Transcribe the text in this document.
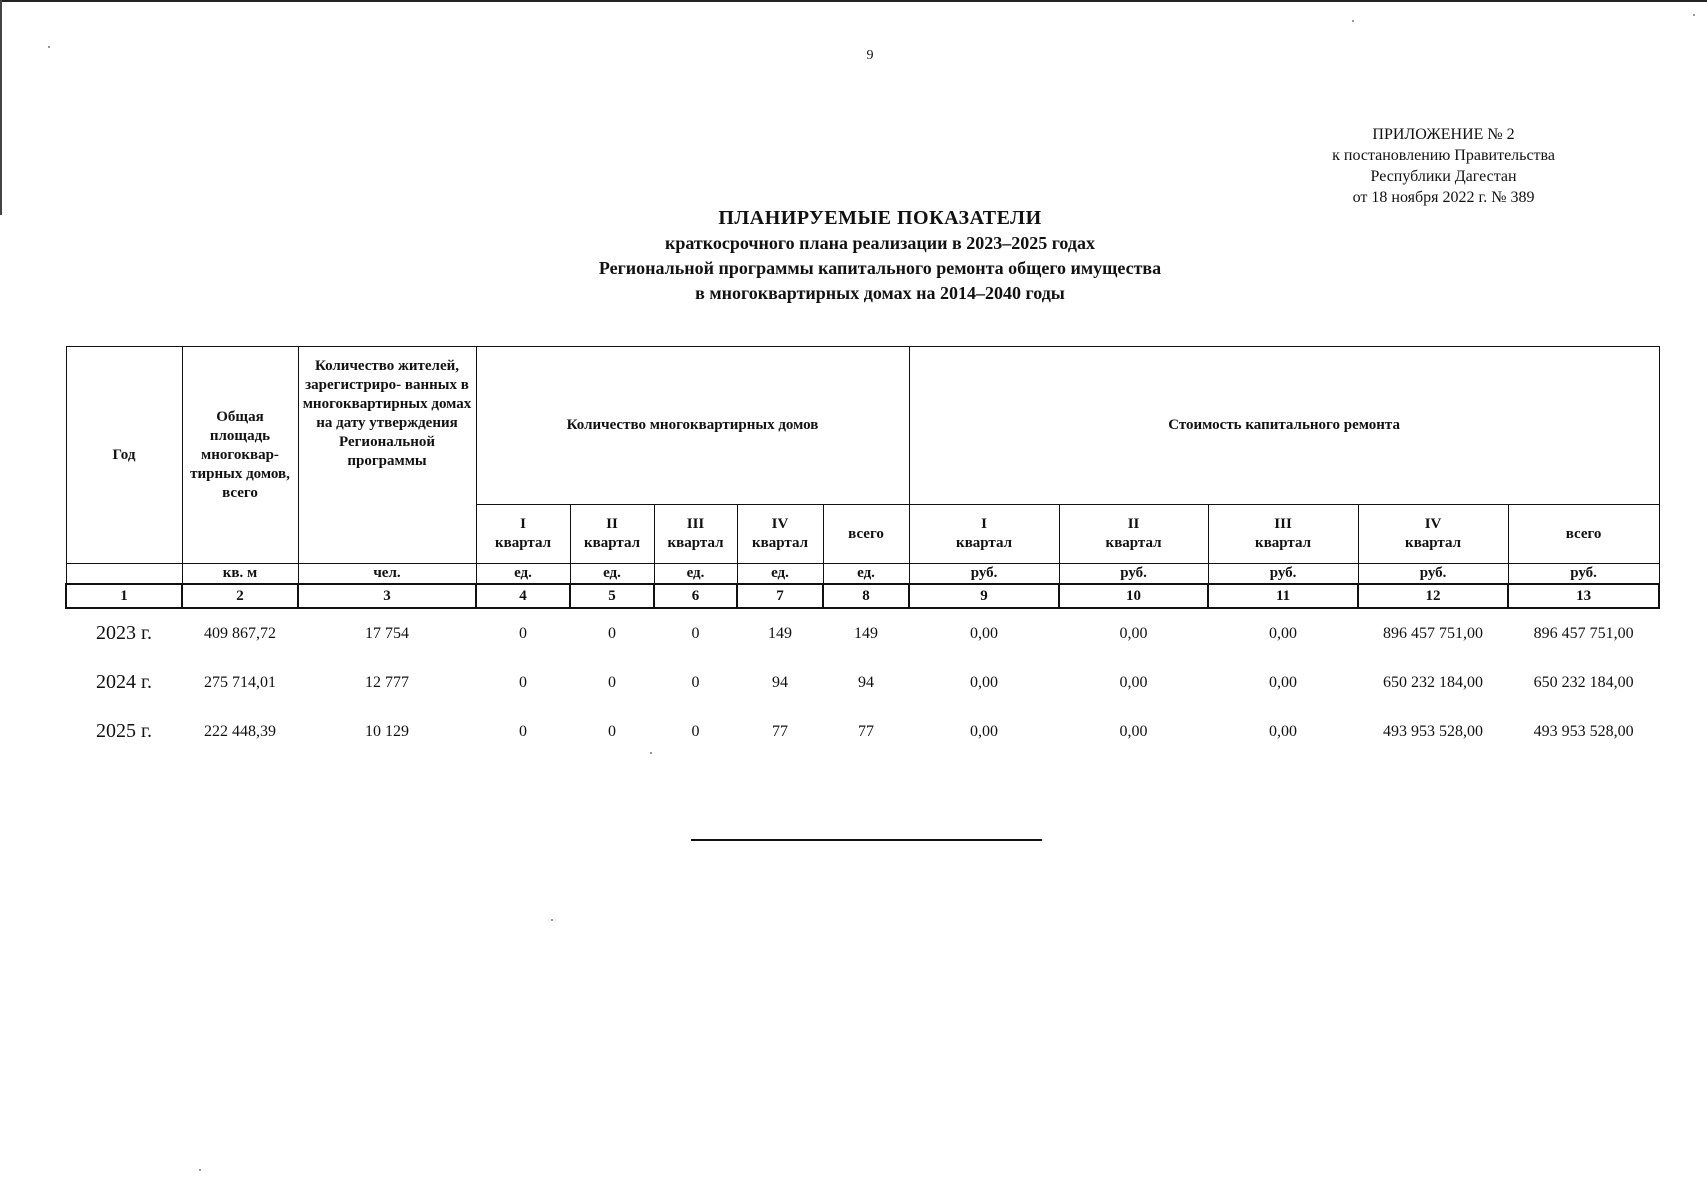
9
ПРИЛОЖЕНИЕ № 2
к постановлению Правительства
Республики Дагестан
от 18 ноября 2022 г. № 389
ПЛАНИРУЕМЫЕ ПОКАЗАТЕЛИ
краткосрочного плана реализации в 2023–2025 годах
Региональной программы капитального ремонта общего имущества
в многоквартирных домах на 2014–2040 годы
Год	Общая площадь многоквар- тирных домов, всего	Количество жителей, зарегистриро- ванных в многоквартирных домах на дату утверждения Региональной программы	Количество многоквартирных домов					Стоимость капитального ремонта				
			I
квартал	II
квартал	III
квартал	IV
квартал	всего	I
квартал	II
квартал	III
квартал	IV
квартал	всего
	кв. м	чел.	ед.	ед.	ед.	ед.	ед.	руб.	руб.	руб.	руб.	руб.
1	2	3	4	5	6	7	8	9	10	11	12	13
2023 г.	409 867,72	17 754	0	0	0	149	149	0,00	0,00	0,00	896 457 751,00	896 457 751,00
2024 г.	275 714,01	12 777	0	0	0	94	94	0,00	0,00	0,00	650 232 184,00	650 232 184,00
2025 г.	222 448,39	10 129	0	0	0	77	77	0,00	0,00	0,00	493 953 528,00	493 953 528,00
